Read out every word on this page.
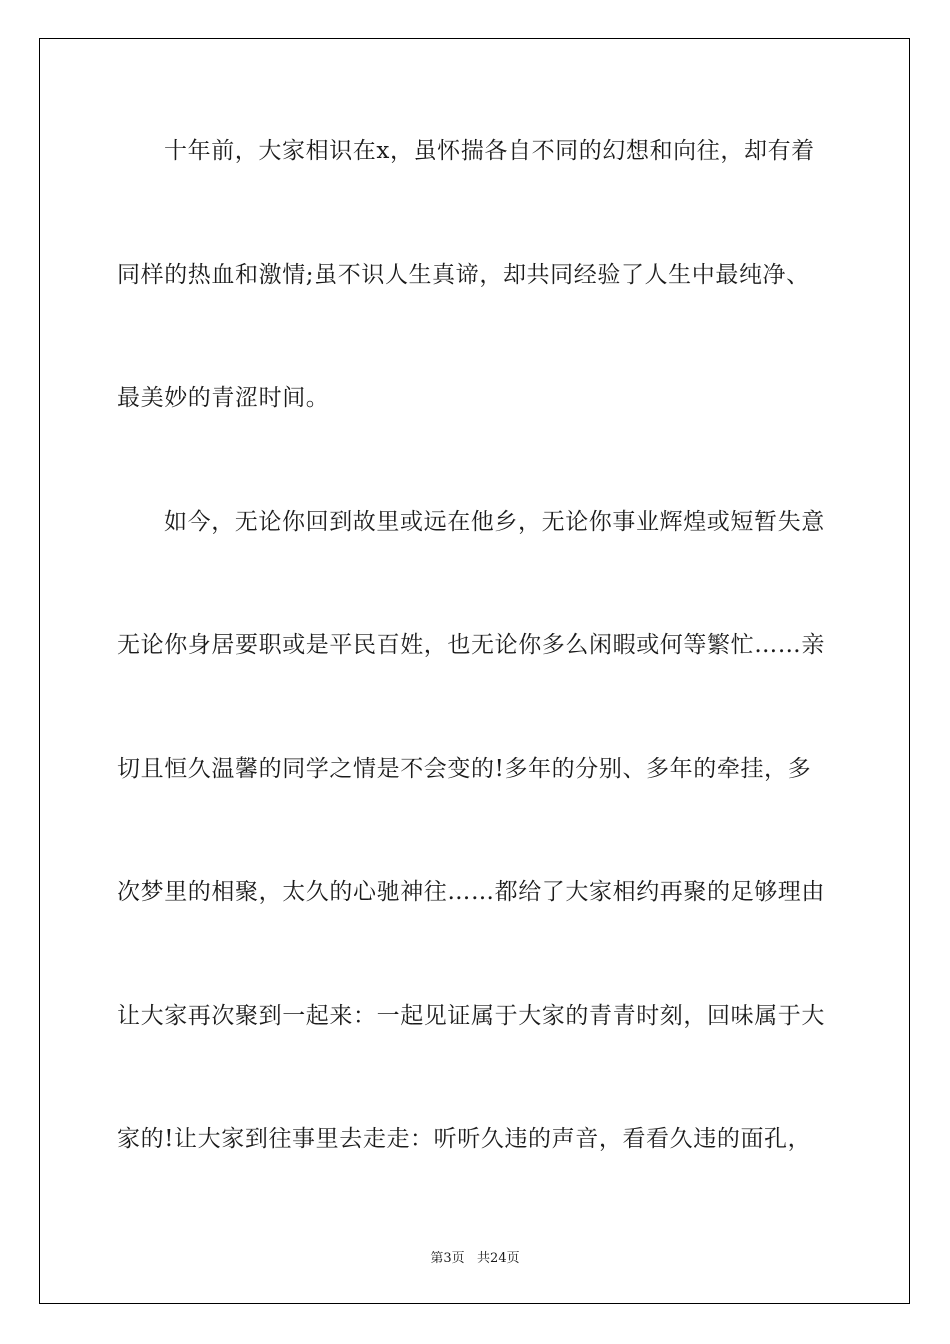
十年前，大家相识在x，虽怀揣各自不同的幻想和向往，却有着
同样的热血和激情;虽不识人生真谛，却共同经验了人生中最纯净、
最美妙的青涩时间。
如今，无论你回到故里或远在他乡，无论你事业辉煌或短暂失意
无论你身居要职或是平民百姓，也无论你多么闲暇或何等繁忙……亲
切且恒久温馨的同学之情是不会变的!多年的分别、多年的牵挂，多
次梦里的相聚，太久的心驰神往……都给了大家相约再聚的足够理由
让大家再次聚到一起来：一起见证属于大家的青青时刻，回味属于大
家的!让大家到往事里去走走：听听久违的声音，看看久违的面孔，
第3页   共24页
